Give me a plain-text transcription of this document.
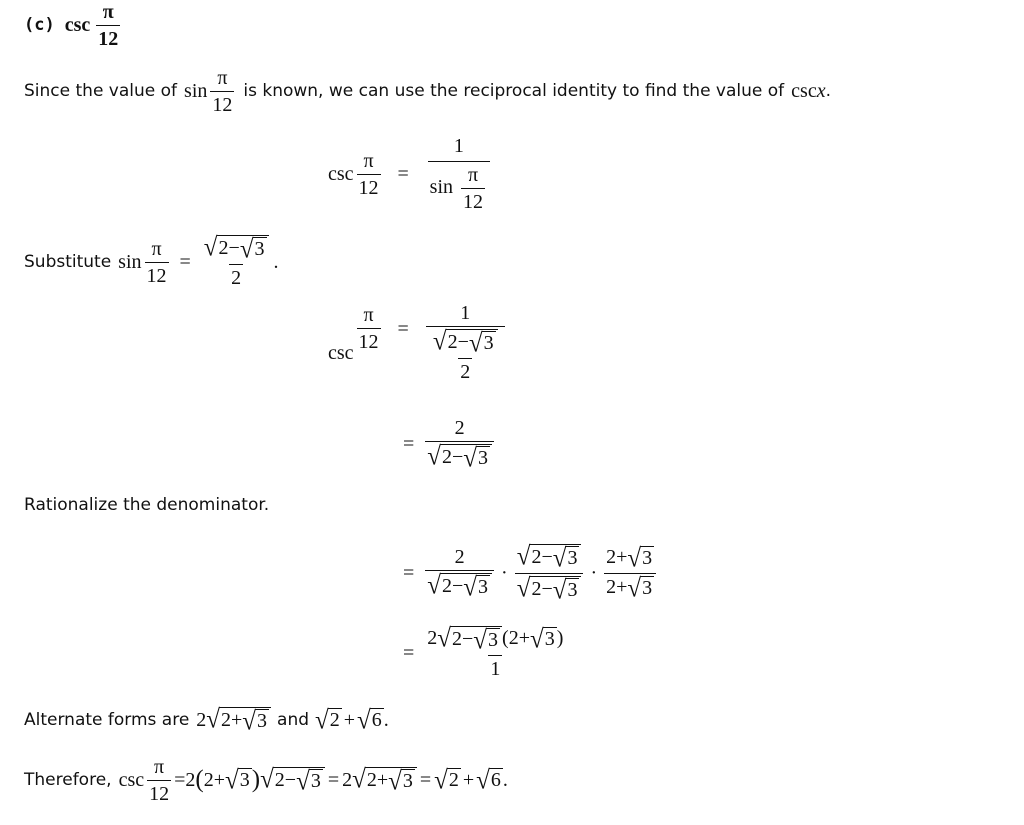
(c) $\csc \frac{\pi}{12}$
Since the value of $\sin \frac{\pi}{12}$ is known, we can use the reciprocal identity to find the value of csc x .
$\csc \frac{\pi}{12} = \frac{1}{\sin \frac{\pi}{12}}$
Substitute $\sin \frac{\pi}{12} = \frac{√ 2- √ 3}{2}$ .
$\csc \frac{\pi}{12} = \frac{1}{\frac{√ 2- √ 3}{2}}$
= $\frac{2}{√ 2- √ 3}$
Rationalize the denominator.
= $\frac{2}{√ 2- √ 3} \cdot \frac{√ 2- √ 3}{√ 2- √ 3} \cdot \frac{2+ √ 3}{2+ √ 3}$
= $\frac{2 √ 2- √ 3 (2+ √ 3 )}{1}$
Alternate forms are 2 √ 2+ √ 3 and √ 2 + √ 6 .
Therefore, $\csc \frac{\pi}{12} = 2$ ( 2 + √ 3 ) √ 2− √ 3 = 2 √ 2+ √ 3 = √ 2 + √ 6 .
